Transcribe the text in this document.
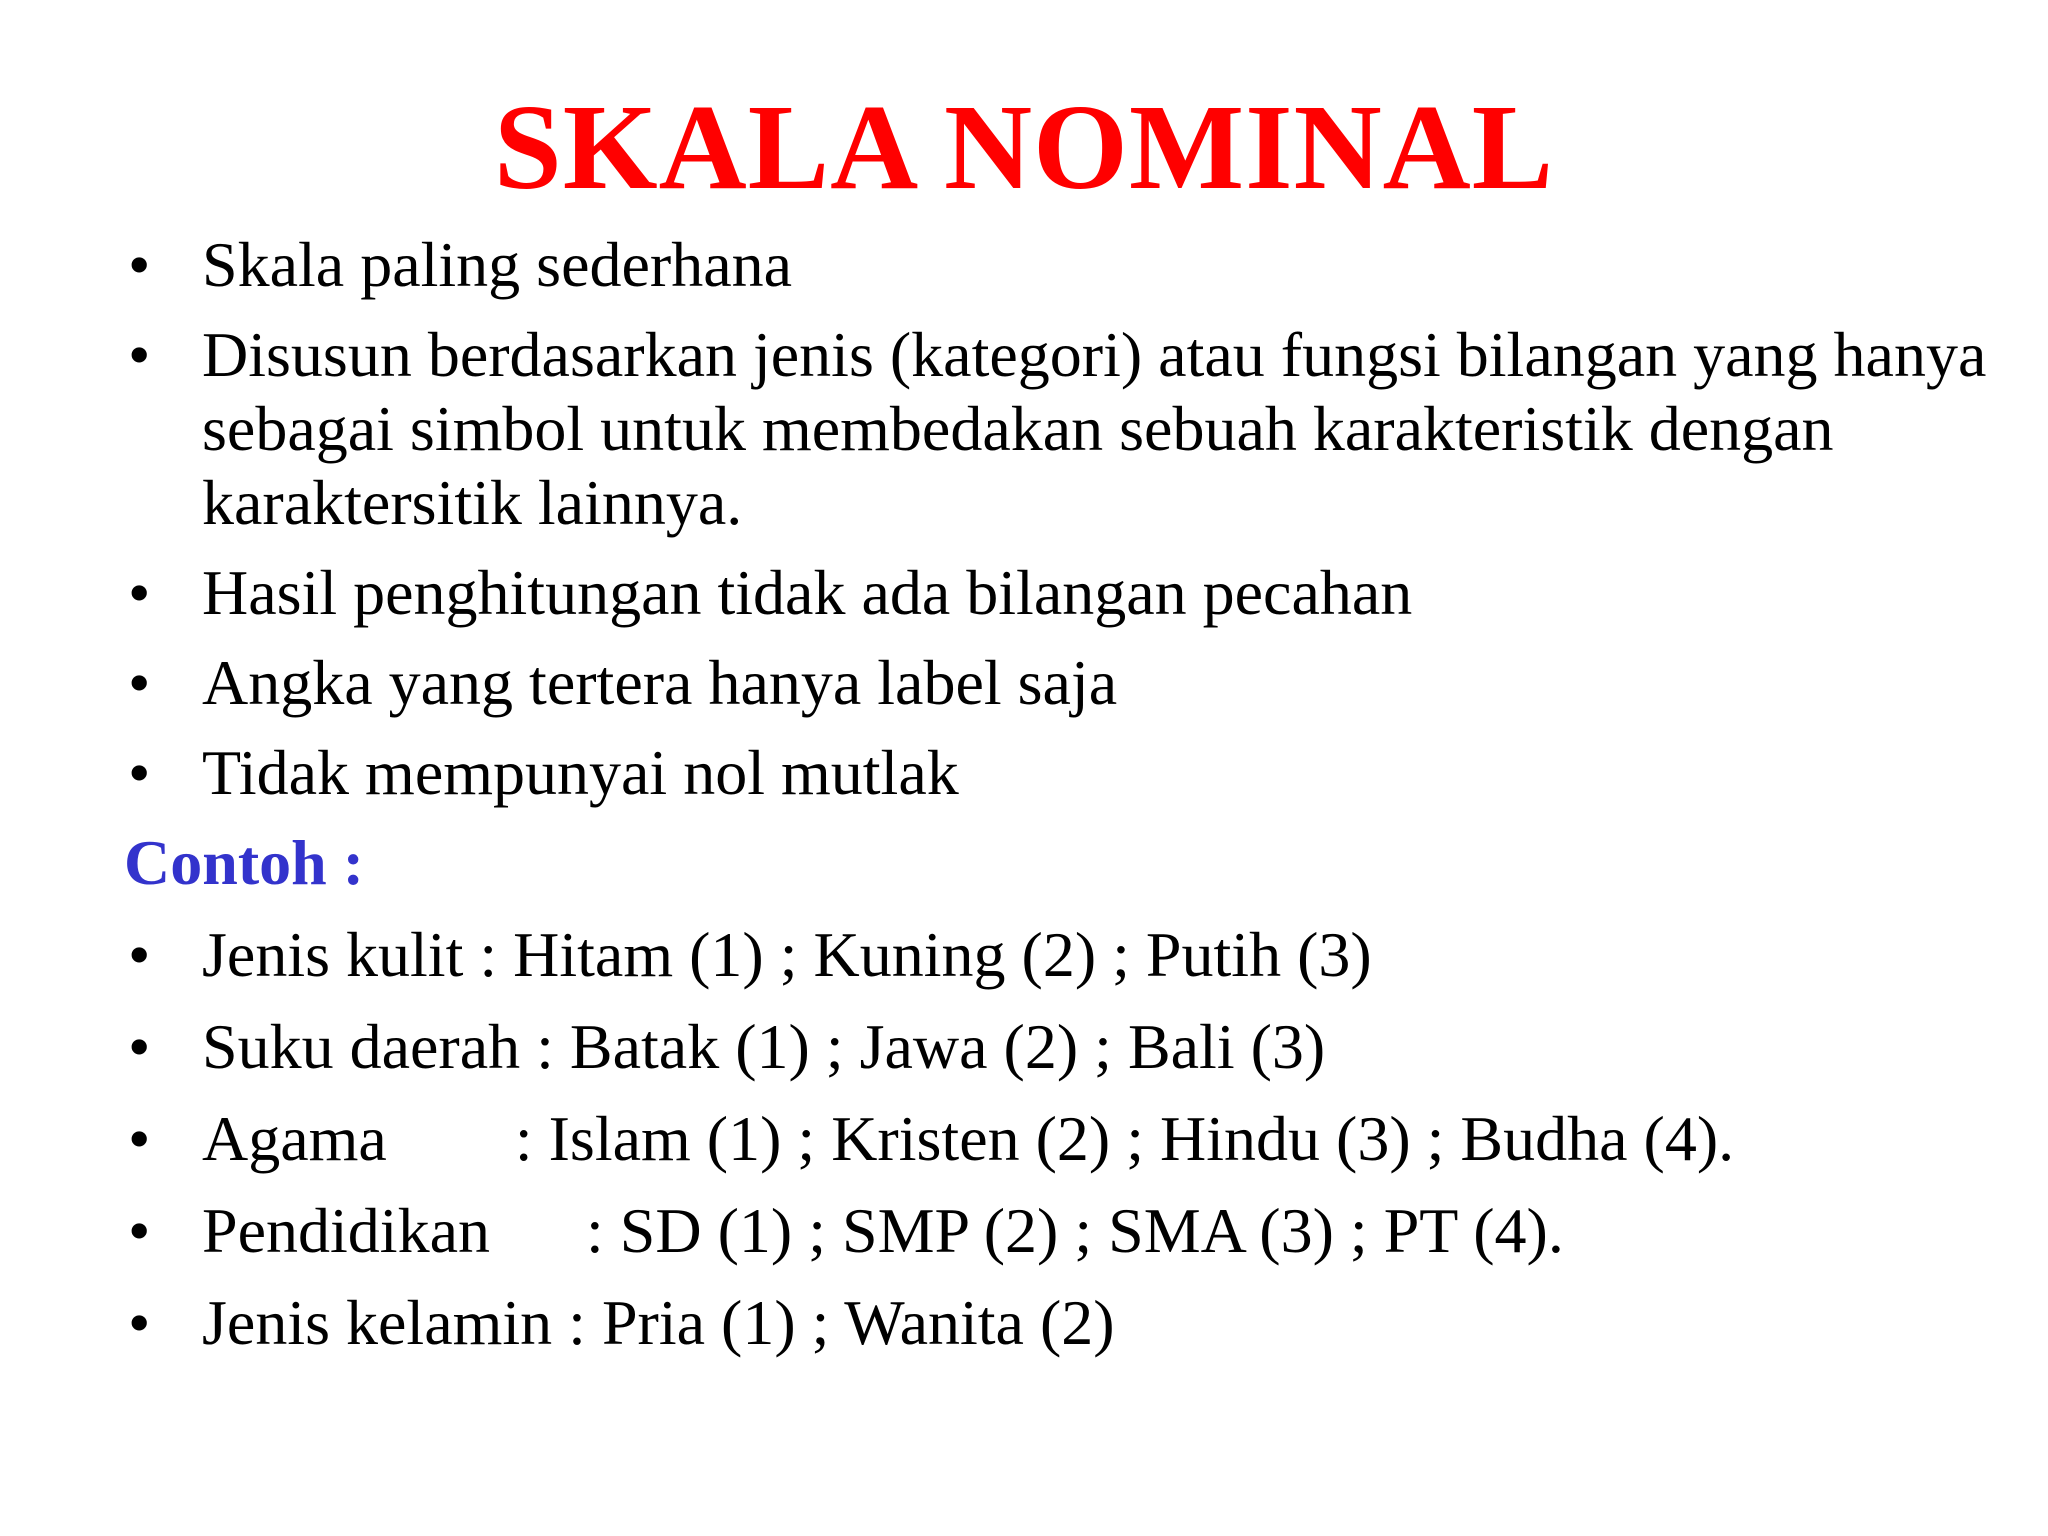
SKALA NOMINAL
• Skala paling sederhana
• Disusun berdasarkan jenis (kategori) atau fungsi bilangan yang hanya sebagai simbol untuk membedakan sebuah karakteristik dengan karaktersitik lainnya.
• Hasil penghitungan tidak ada bilangan pecahan
• Angka yang tertera hanya label saja
• Tidak mempunyai nol mutlak
Contoh :
• Jenis kulit : Hitam (1) ; Kuning (2) ; Putih (3)
• Suku daerah : Batak (1) ; Jawa (2) ; Bali (3)
• Agama  : Islam (1) ; Kristen (2) ; Hindu (3) ; Budha (4).
• Pendidikan  : SD (1) ; SMP (2) ; SMA (3) ; PT (4).
• Jenis kelamin : Pria (1) ; Wanita (2)
